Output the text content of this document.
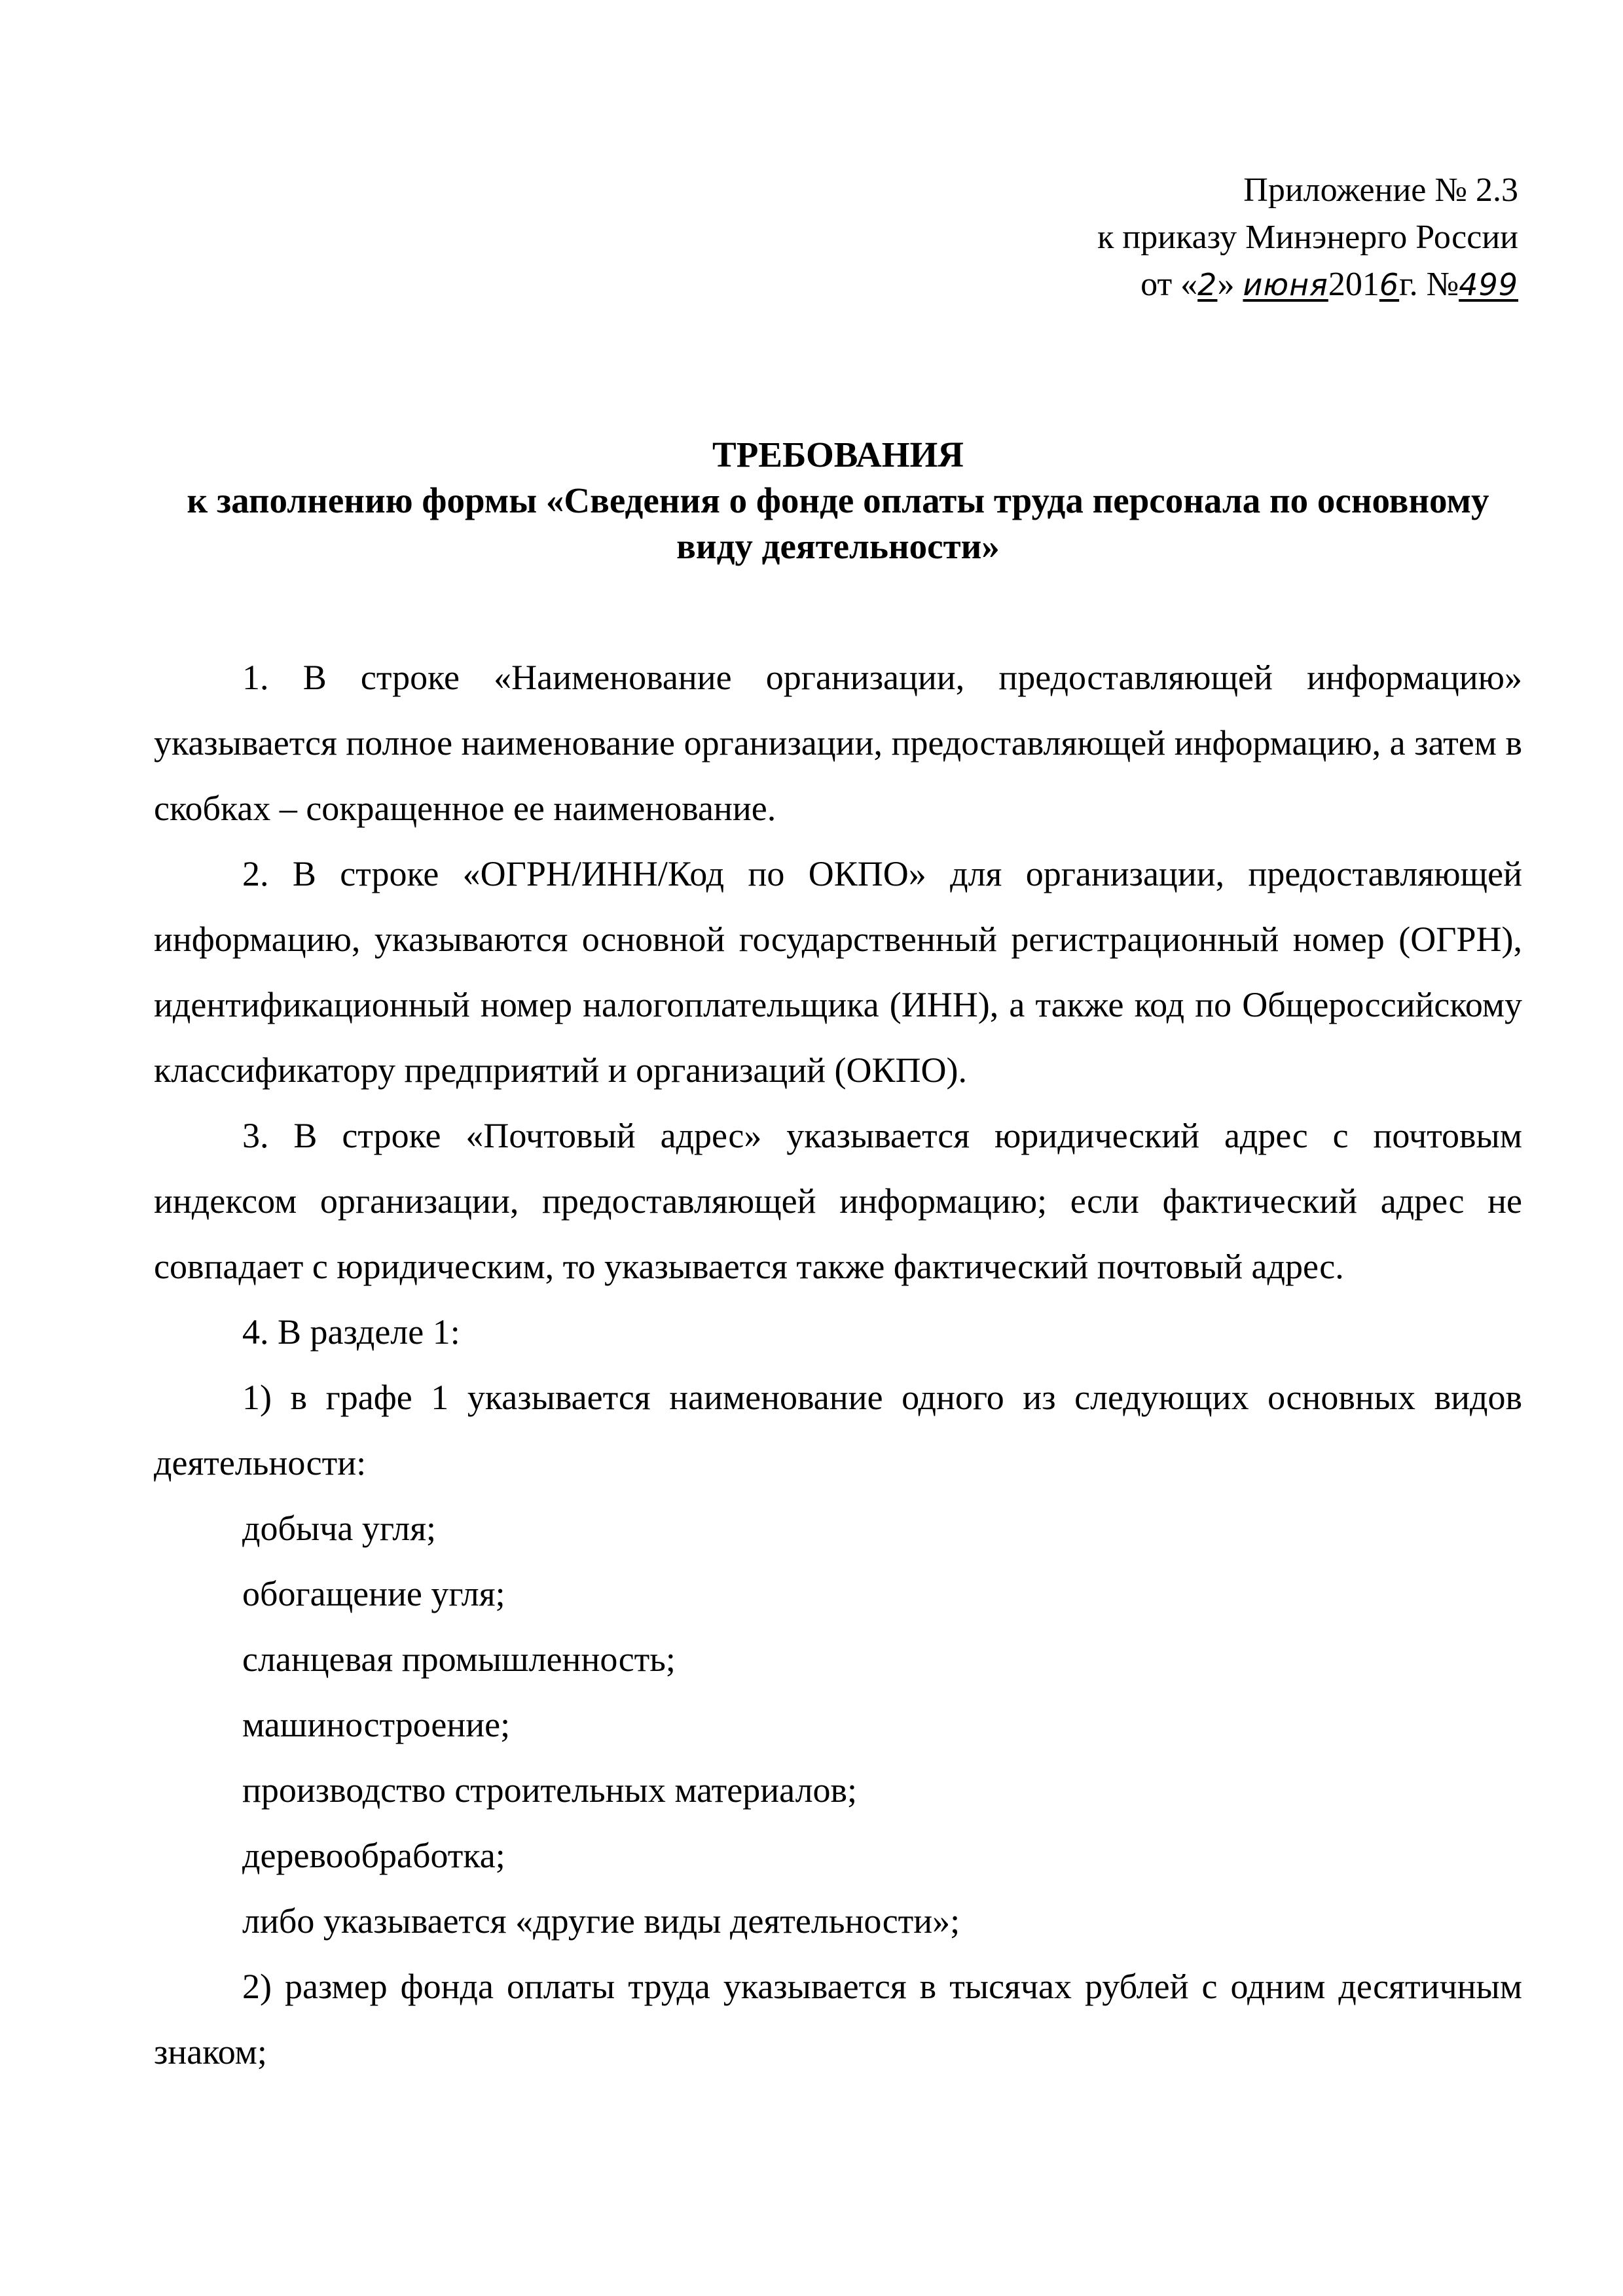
Приложение № 2.3
к приказу Минэнерго России
от «2» июня2016г. №499
ТРЕБОВАНИЯ
к заполнению формы «Сведения о фонде оплаты труда персонала по основному
виду деятельности»

1. В строке «Наименование организации, предоставляющей информацию» указывается полное наименование организации, предоставляющей информацию, а затем в скобках – сокращенное ее наименование.

2. В строке «ОГРН/ИНН/Код по ОКПО» для организации, предоставляющей информацию, указываются основной государственный регистрационный номер (ОГРН), идентификационный номер налогоплательщика (ИНН), а также код по Общероссийскому классификатору предприятий и организаций (ОКПО).

3. В строке «Почтовый адрес» указывается юридический адрес с почтовым индексом организации, предоставляющей информацию; если фактический адрес не совпадает с юридическим, то указывается также фактический почтовый адрес.

4. В разделе 1:

1) в графе 1 указывается наименование одного из следующих основных видов деятельности:

добыча угля;

обогащение угля;

сланцевая промышленность;

машиностроение;

производство строительных материалов;

деревообработка;

либо указывается «другие виды деятельности»;

2) размер фонда оплаты труда указывается в тысячах рублей с одним десятичным знаком;
